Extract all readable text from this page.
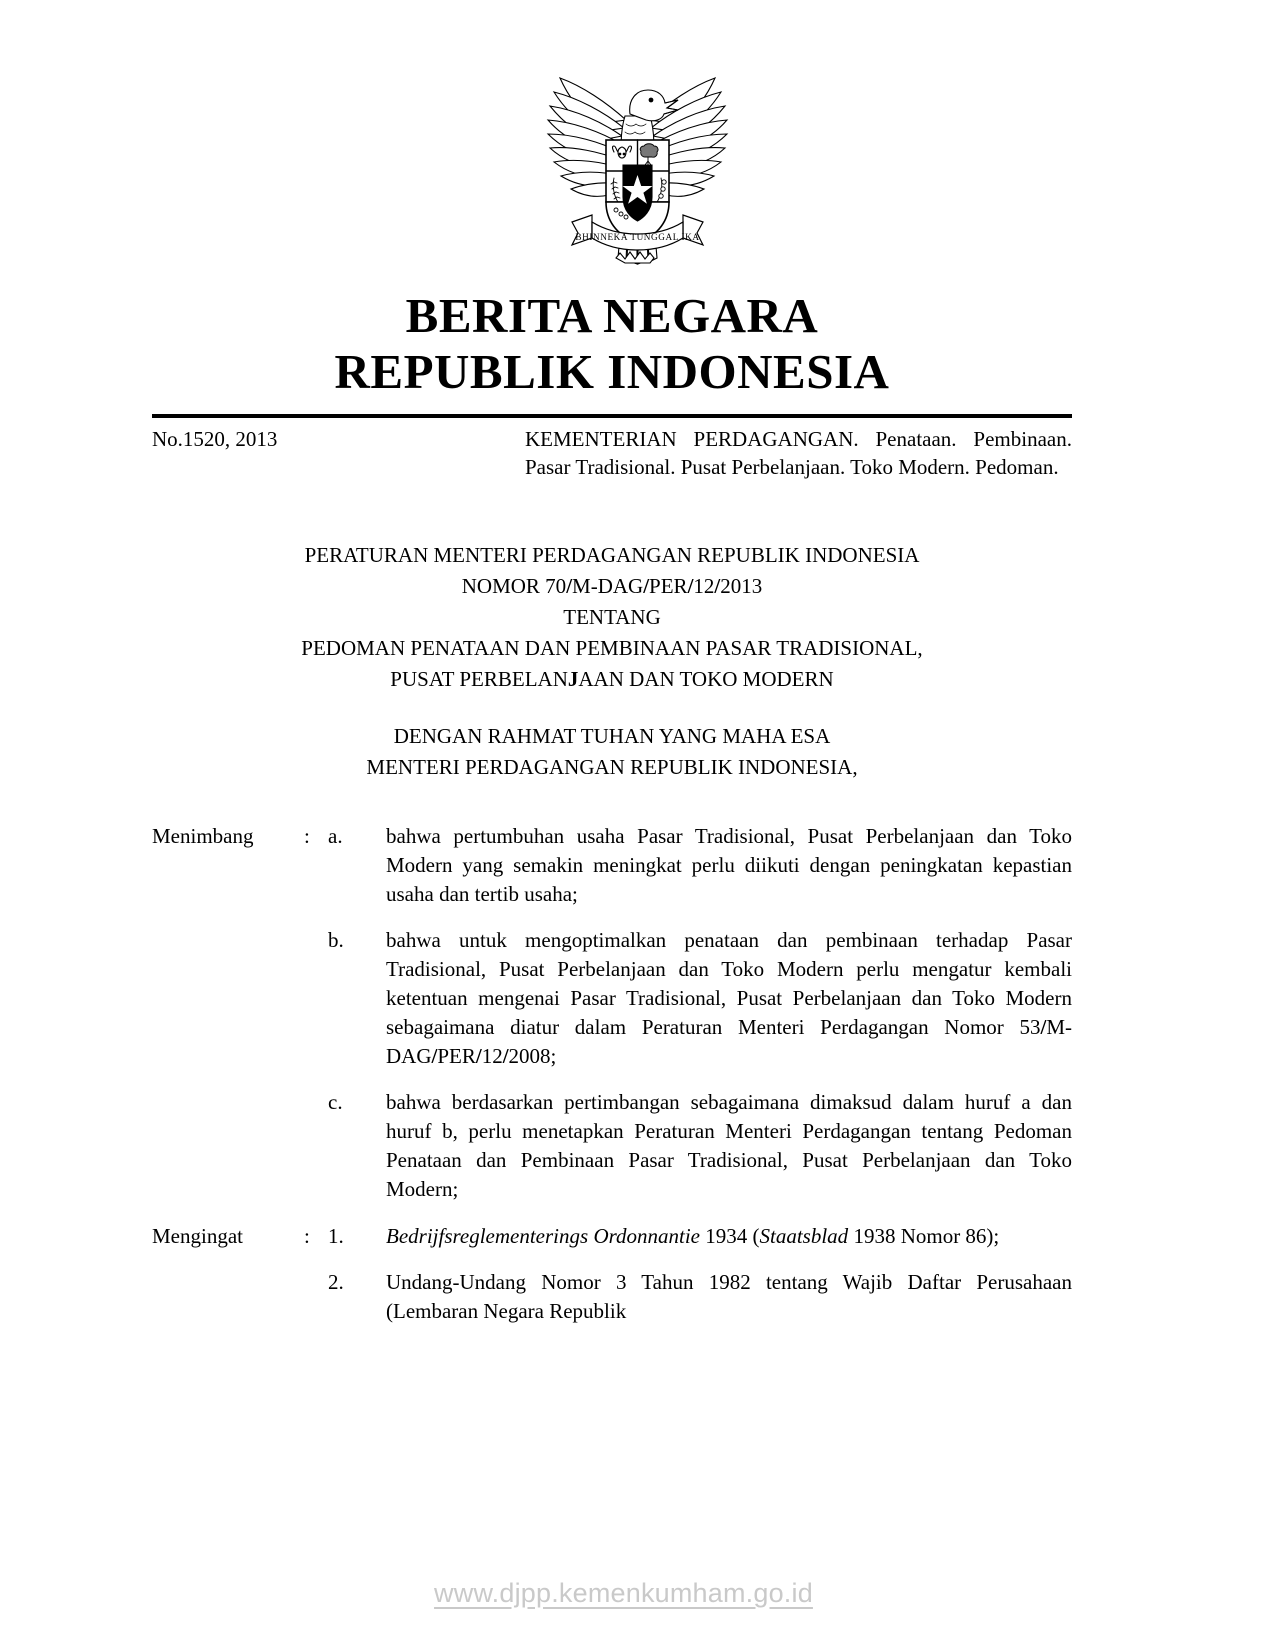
BHINNEKA TUNGGAL IKA
BERITA NEGARA
REPUBLIK INDONESIA
No.1520, 2013	KEMENTERIAN PERDAGANGAN. Penataan. Pembinaan. Pasar Tradisional. Pusat Perbelanjaan. Toko Modern. Pedoman.
PERATURAN MENTERI PERDAGANGAN REPUBLIK INDONESIA
NOMOR 70/M-DAG/PER/12/2013
TENTANG
PEDOMAN PENATAAN DAN PEMBINAAN PASAR TRADISIONAL,
PUSAT PERBELANJAAN DAN TOKO MODERN
DENGAN RAHMAT TUHAN YANG MAHA ESA
MENTERI PERDAGANGAN REPUBLIK INDONESIA,
Menimbang	: a.	bahwa pertumbuhan usaha Pasar Tradisional, Pusat Perbelanjaan dan Toko Modern yang semakin meningkat perlu diikuti dengan peningkatan kepastian usaha dan tertib usaha;
b.	bahwa untuk mengoptimalkan penataan dan pembinaan terhadap Pasar Tradisional, Pusat Perbelanjaan dan Toko Modern perlu mengatur kembali ketentuan mengenai Pasar Tradisional, Pusat Perbelanjaan dan Toko Modern sebagaimana diatur dalam Peraturan Menteri Perdagangan Nomor 53/M-DAG/PER/12/2008;
c.	bahwa berdasarkan pertimbangan sebagaimana dimaksud dalam huruf a dan huruf b, perlu menetapkan Peraturan Menteri Perdagangan tentang Pedoman Penataan dan Pembinaan Pasar Tradisional, Pusat Perbelanjaan dan Toko Modern;
Mengingat	: 1.	Bedrijfsreglementerings Ordonnantie 1934 (Staatsblad 1938 Nomor 86);
2.	Undang-Undang Nomor 3 Tahun 1982 tentang Wajib Daftar Perusahaan (Lembaran Negara Republik
www.djpp.kemenkumham.go.id
